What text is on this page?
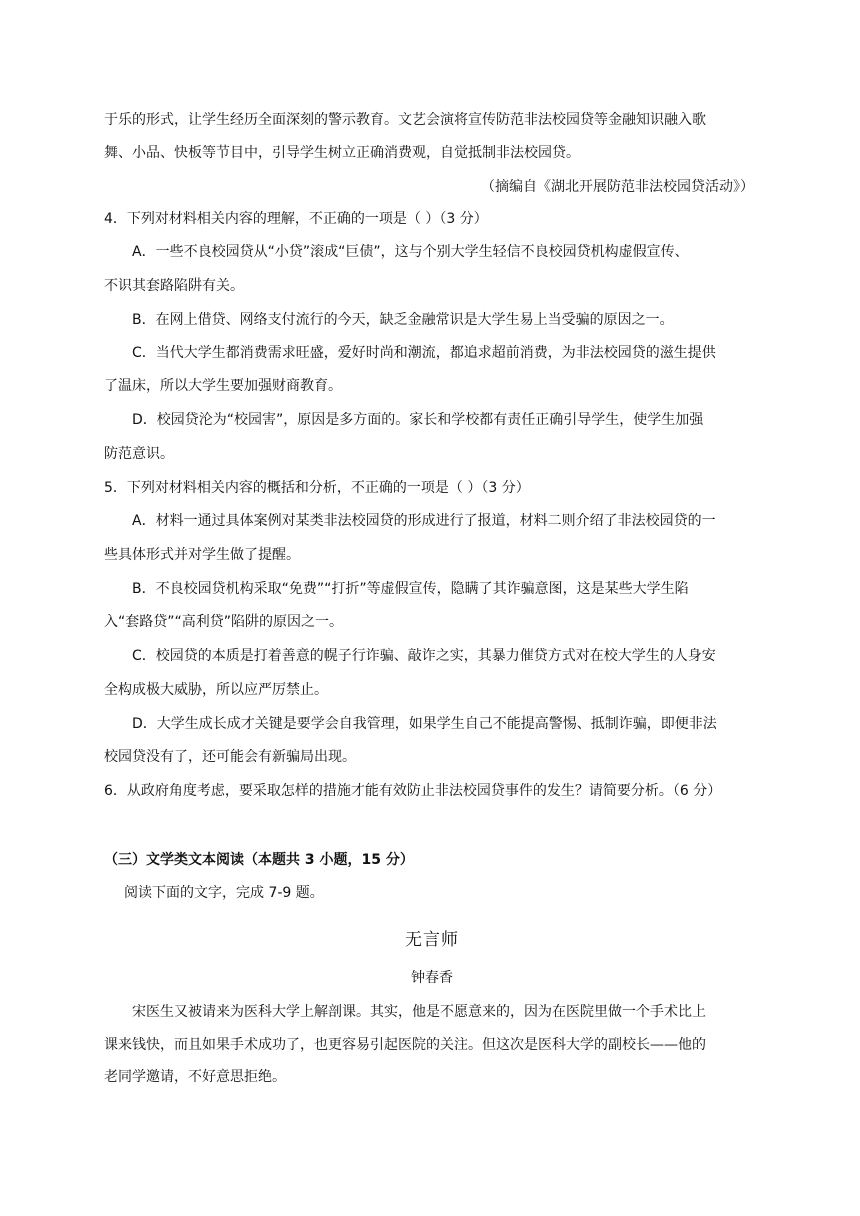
于乐的形式，让学生经历全面深刻的警示教育。文艺会演将宣传防范非法校园贷等金融知识融入歌
舞、小品、快板等节目中，引导学生树立正确消费观，自觉抵制非法校园贷。
（摘编自《湖北开展防范非法校园贷活动》）
4．下列对材料相关内容的理解，不正确的一项是（ ）（3 分）
A．一些不良校园贷从“小贷”滚成“巨债”，这与个别大学生轻信不良校园贷机构虚假宣传、
不识其套路陷阱有关。
B．在网上借贷、网络支付流行的今天，缺乏金融常识是大学生易上当受骗的原因之一。
C．当代大学生都消费需求旺盛，爱好时尚和潮流，都追求超前消费，为非法校园贷的滋生提供
了温床，所以大学生要加强财商教育。
D．校园贷沦为“校园害”，原因是多方面的。家长和学校都有责任正确引导学生，使学生加强
防范意识。
5．下列对材料相关内容的概括和分析，不正确的一项是（ ）（3 分）
A．材料一通过具体案例对某类非法校园贷的形成进行了报道，材料二则介绍了非法校园贷的一
些具体形式并对学生做了提醒。
B．不良校园贷机构采取“免费”“打折”等虚假宣传，隐瞒了其诈骗意图，这是某些大学生陷
入“套路贷”“高利贷”陷阱的原因之一。
C．校园贷的本质是打着善意的幌子行诈骗、敲诈之实，其暴力催贷方式对在校大学生的人身安
全构成极大威胁，所以应严厉禁止。
D．大学生成长成才关键是要学会自我管理，如果学生自己不能提高警惕、抵制诈骗，即便非法
校园贷没有了，还可能会有新骗局出现。
6．从政府角度考虑，要采取怎样的措施才能有效防止非法校园贷事件的发生？请简要分析。（6 分）
（三）文学类文本阅读（本题共 3 小题，15 分）
阅读下面的文字，完成 7-9 题。
无言师
钟春香
宋医生又被请来为医科大学上解剖课。其实，他是不愿意来的，因为在医院里做一个手术比上
课来钱快，而且如果手术成功了，也更容易引起医院的关注。但这次是医科大学的副校长——他的
老同学邀请，不好意思拒绝。
